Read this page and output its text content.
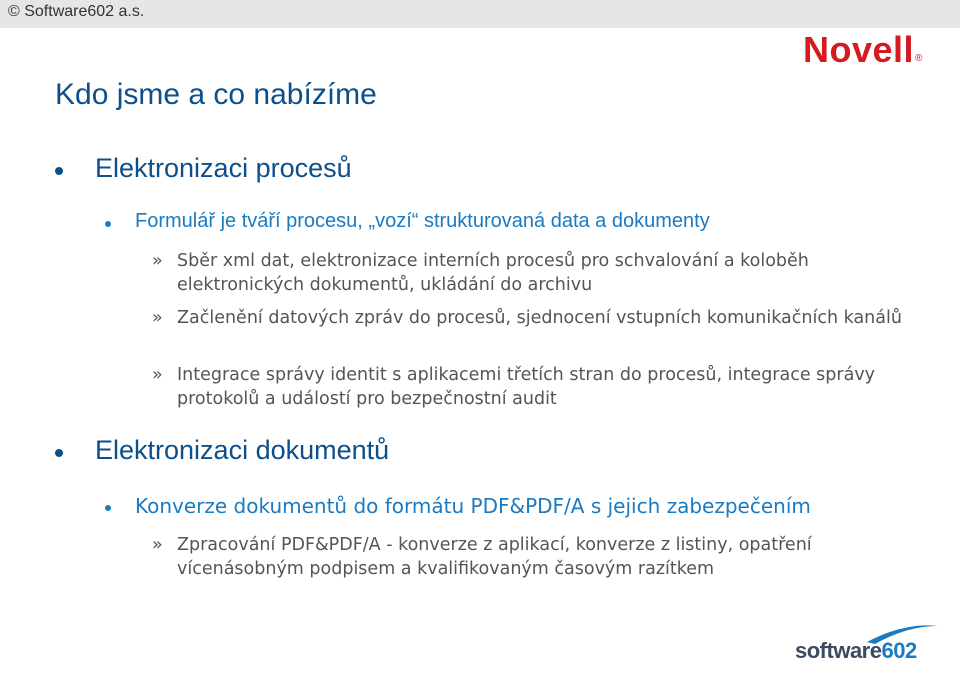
© Software602 a.s.
Novell®
Kdo jsme a co nabízíme
Elektronizaci procesů
Formulář je tváří procesu, „vozí“ strukturovaná data a dokumenty
» Sběr xml dat, elektronizace interních procesů pro schvalování a koloběh elektronických dokumentů, ukládání do archivu
» Začlenění datových zpráv do procesů, sjednocení vstupních komunikačních kanálů
» Integrace správy identit s aplikacemi třetích stran do procesů, integrace správy protokolů a událostí pro bezpečnostní audit
Elektronizaci dokumentů
Konverze dokumentů do formátu PDF&PDF/A s jejich zabezpečením
» Zpracování PDF&PDF/A - konverze z aplikací, konverze z listiny, opatření vícenásobným podpisem a kvalifikovaným časovým razítkem
software602
